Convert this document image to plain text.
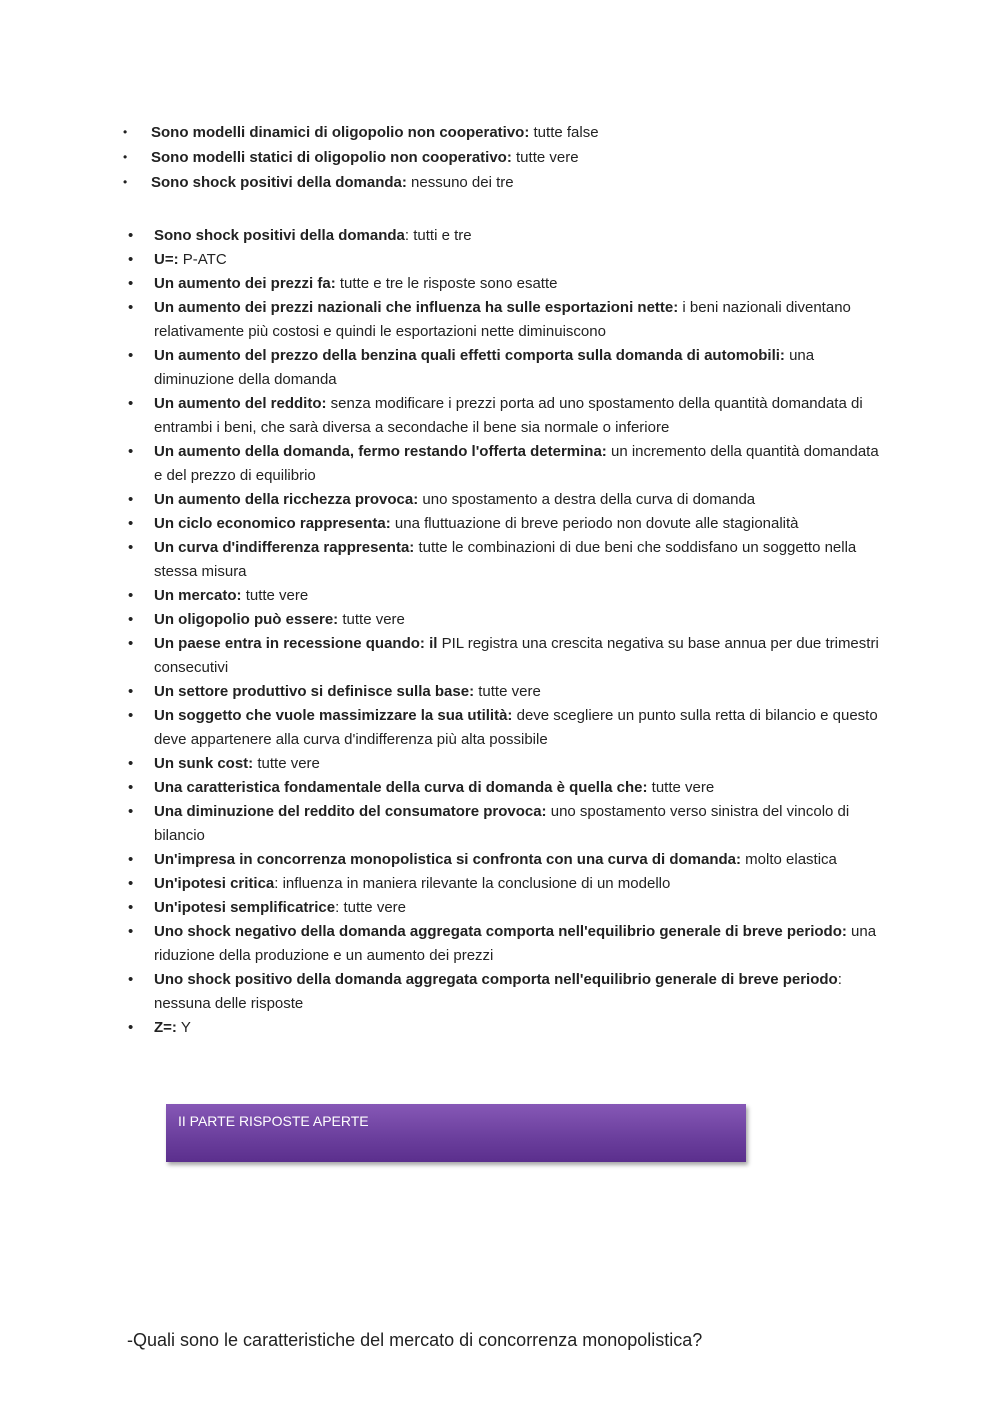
• Sono modelli dinamici di oligopolio non cooperativo: tutte false
• Sono modelli statici di oligopolio non cooperativo: tutte vere
• Sono shock positivi della domanda: nessuno dei tre
• Sono shock positivi della domanda: tutti e tre
• U=: P-ATC
• Un aumento dei prezzi fa: tutte e tre le risposte sono esatte
• Un aumento dei prezzi nazionali che influenza ha sulle esportazioni nette: i beni nazionali diventano relativamente più costosi e quindi le esportazioni nette diminuiscono
• Un aumento del prezzo della benzina quali effetti comporta sulla domanda di automobili: una diminuzione della domanda
• Un aumento del reddito: senza modificare i prezzi porta ad uno spostamento della quantità domandata di entrambi i beni, che sarà diversa a secondache il bene sia normale o inferiore
• Un aumento della domanda, fermo restando l'offerta determina: un incremento della quantità domandata e del prezzo di equilibrio
• Un aumento della ricchezza provoca: uno spostamento a destra della curva di domanda
• Un ciclo economico rappresenta: una fluttuazione di breve periodo non dovute alle stagionalità
• Un curva d'indifferenza rappresenta: tutte le combinazioni di due beni che soddisfano un soggetto nella stessa misura
• Un mercato: tutte vere
• Un oligopolio può essere: tutte vere
• Un paese entra in recessione quando: il PIL registra una crescita negativa su base annua per due trimestri consecutivi
• Un settore produttivo si definisce sulla base: tutte vere
• Un soggetto che vuole massimizzare la sua utilità: deve scegliere un punto sulla retta di bilancio e questo deve appartenere alla curva d'indifferenza più alta possibile
• Un sunk cost: tutte vere
• Una caratteristica fondamentale della curva di domanda è quella che: tutte vere
• Una diminuzione del reddito del consumatore provoca: uno spostamento verso sinistra del vincolo di bilancio
• Un'impresa in concorrenza monopolistica si confronta con una curva di domanda: molto elastica
• Un'ipotesi critica: influenza in maniera rilevante la conclusione di un modello
• Un'ipotesi semplificatrice: tutte vere
• Uno shock negativo della domanda aggregata comporta nell'equilibrio generale di breve periodo: una riduzione della produzione e un aumento dei prezzi
• Uno shock positivo della domanda aggregata comporta nell'equilibrio generale di breve periodo: nessuna delle risposte
• Z=: Y
II PARTE RISPOSTE APERTE
-Quali sono le caratteristiche del mercato di concorrenza monopolistica?
